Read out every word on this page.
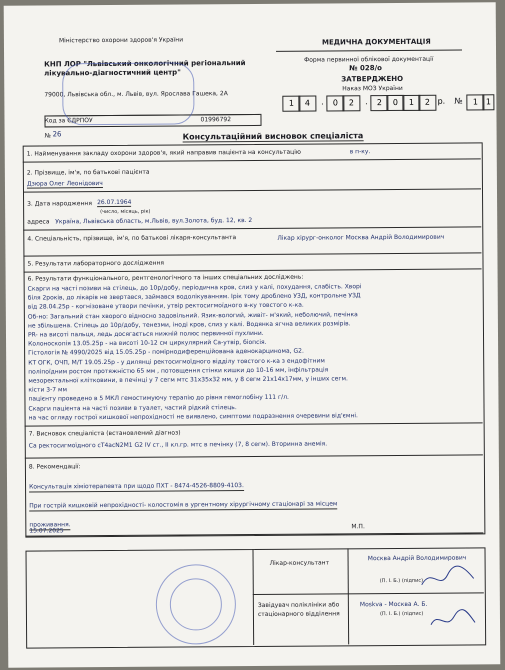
Міністерство охорони здоров'я України
КНП ЛОР "Львівський онкологічний регіональний лікувально-діагностичний центр"
79000, Львівська обл., м. Львів, вул. Ярослава Гашека, 2А
Код за ЄДРПОУ	01996792
МЕДИЧНА ДОКУМЕНТАЦІЯ
Форма первинної облікової документації
№ 028/о
ЗАТВЕРДЖЕНО
Наказ МОЗ України
1	4	.	0	2	.	2	0	1	2 р.	№	1 1
№ 26	Консультаційний висновок спеціаліста
1. Найменування закладу охорони здоров'я, який направив пацієнта на консультацію	в п-ку.
2. Прізвище, ім'я, по батькові пацієнта
Дзюра Олег Леонідович
3. Дата народження 26.07.1964
(число, місяць, рік)
адреса Україна, Львівська область, м.Львів, вул.Золота, буд. 12, кв. 2
4. Спеціальність, прізвище, ім'я, по батькові лікаря-консультанта	Лікар хірург-онколог Москва Андрій Володимирович
5. Результати лабораторного дослідження
6. Результати функціонального, рентгенологічного та інших спеціальних досліджень:
Скарги на часті позиви на стілець, до 10р/добу, періодична кров, слиз у калі, похудання, слабість. Хворі
біля 2років, до лікарів не звертався, займався водолікуванням. Ірік тому дроблено УЗД, контрольне УЗД
від 28.04.25р - когнізоване утвори печінки, утвір ректосигмоїдного в-ку товстого к-ка.
Об-но: Загальний стан хворого відносно задовільний. Язик-вологий, живіт- м'який, неболючий, печінка
не збільшена. Стілець до 10р/добу, тенезми, іноді кров, слиз у калі. Водянка ягчна великих розмірів.
PR- на висоті пальця, ледь досягається нижній полюс первинної пухлини.
Колоноскопія 13.05.25р - на висоті 10-12 см циркулярний Са-утвір, біопсія.
Гістологія № 4990/2025 від 15.05.25р - помірнодиференційована аденокарцинома, G2.
КТ ОГК, ОЧП, М/Т 19.05.25р - у дилянці ректосигмоїдного відділу товстого к-ка з ендофітним
поліпоїдним ростом протяжністю 65 мм , потовщення стінки кишки до 10-16 мм, інфільтрація
мезоректальної клітковини, в печінці у 7 сегм мтс 31х35х32 мм, у 8 сегм 21х14х17мм, у інших сегм.
кісти 3-7 мм
пацієнту проведено в 5 МКЛ гемостимуючу терапію до рівня гемоглобіну 111 г/л.
Скарги пацієнта на часті позиви в туалет, частий рідкий стілець.
на час огляду гострої кишкової непрохідності не виявлено, симптоми подразнення очеревини від'ємні.
7. Висновок спеціаліста (встановлений діагноз)
Са ректосигмоїдного сТ4асN2M1 G2 IV ст., II кл.гр. мтс в печінку (7, 8 сегм). Вторинна анемія.
8. Рекомендації:
Консультація хіміотерапевта при щодо ПХТ - 8474-4526-8809-4103.
При гострій кишковій непрохідності- колостомія в ургентному хірургічному стаціонарі за місцем
проживання.
15.07.2025
М.П.
Лікар-консультант
Москва Андрій Володимирович
(П. І. Б.) (підпис)
Завідувач поліклініки або стаціонарного відділення
Moskva - Москва А. Б.
(П. І. Б.) (підпис)
